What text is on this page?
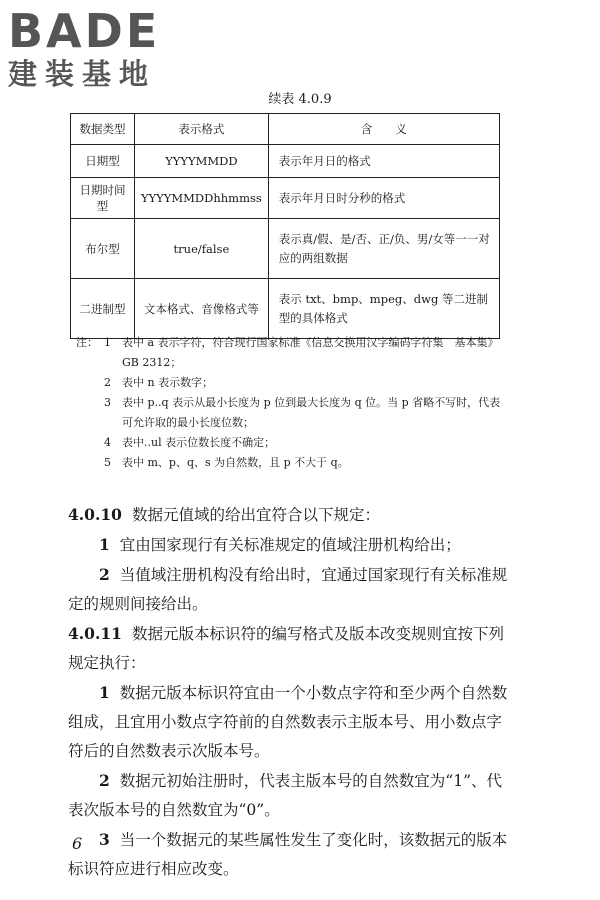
BADE
建装基地
续表 4.0.9
数据类型	表示格式	含　　义
日期型	YYYYMMDD	表示年月日的格式
日期时间型	YYYYMMDDhhmmss	表示年月日时分秒的格式
布尔型	true/false	表示真/假、是/否、正/负、男/女等一一对应的两组数据
二进制型	文本格式、音像格式等	表示 txt、bmp、mpeg、dwg 等二进制型的具体格式
注： 1	表中 a 表示字符，符合现行国家标准《信息交换用汉字编码字符集　基本集》GB 2312；
2	表中 n 表示数字；
3	表中 p..q 表示从最小长度为 p 位到最大长度为 q 位。当 p 省略不写时，代表可允许取的最小长度位数；
4	表中..ul 表示位数长度不确定；
5	表中 m、p、q、s 为自然数，且 p 不大于 q。

4.0.10 数据元值域的给出宜符合以下规定：

1 宜由国家现行有关标准规定的值域注册机构给出；

2 当值域注册机构没有给出时，宜通过国家现行有关标准规定的规则间接给出。

4.0.11 数据元版本标识符的编写格式及版本改变规则宜按下列规定执行：

1 数据元版本标识符宜由一个小数点字符和至少两个自然数组成，且宜用小数点字符前的自然数表示主版本号、用小数点字符后的自然数表示次版本号。

2 数据元初始注册时，代表主版本号的自然数宜为“1”、代表次版本号的自然数宜为“0”。

3 当一个数据元的某些属性发生了变化时，该数据元的版本标识符应进行相应改变。

6
